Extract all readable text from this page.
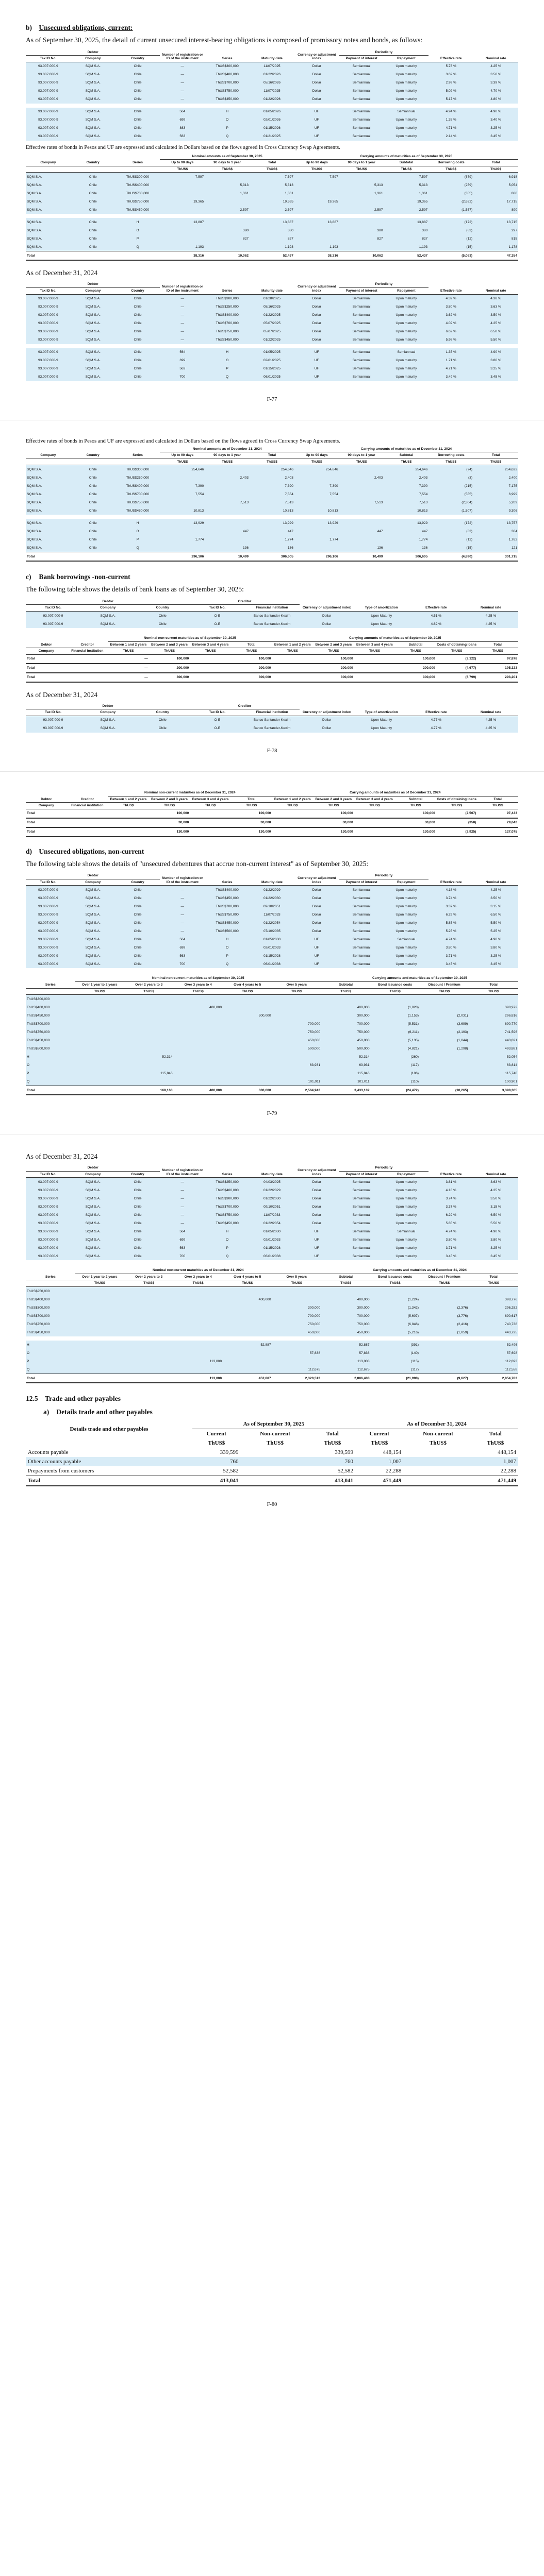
b) Unsecured obligations, current:

As of September 30, 2025, the detail of current unsecured interest-bearing obligations is composed of promissory notes and bonds, as follows:

Debtor			Number of registration or ID of the instrument	Series	Maturity date	Currency or adjustment index	Periodicity		Effective rate	Nominal rate
Tax ID No.	Company	Country					Payment of interest	Repayment		
93.007.000-9	SQM S.A.	Chile	—	ThUS$300,000	11/07/2025	Dollar	Semiannual	Upon maturity	5.78 %	4.25 %
93.007.000-9	SQM S.A.	Chile	—	ThUS$400,000	01/22/2026	Dollar	Semiannual	Upon maturity	3.69 %	3.50 %
93.007.000-9	SQM S.A.	Chile	—	ThUS$700,000	05/16/2026	Dollar	Semiannual	Upon maturity	2.99 %	3.39 %
93.007.000-9	SQM S.A.	Chile	—	ThUS$750,000	11/07/2025	Dollar	Semiannual	Upon maturity	5.02 %	4.70 %
93.007.000-9	SQM S.A.	Chile	—	ThUS$450,000	01/22/2026	Dollar	Semiannual	Upon maturity	5.17 %	4.80 %

93.007.000-9	SQM S.A.	Chile	564	H	01/05/2026	UF	Semiannual	Semiannual	4.94 %	4.90 %
93.007.000-9	SQM S.A.	Chile	699	O	02/01/2026	UF	Semiannual	Upon maturity	1.35 %	3.40 %
93.007.000-9	SQM S.A.	Chile	883	P	01/15/2026	UF	Semiannual	Upon maturity	4.71 %	3.25 %
93.007.000-9	SQM S.A.	Chile	563	Q	01/21/2025	UF	Semiannual	Upon maturity	2.14 %	3.45 %
Effective rates of bonds in Pesos and UF are expressed and calculated in Dollars based on the flows agreed in Cross Currency Swap Agreements.
Company	Country	Series	Nominal amounts as of September 30, 2025			Carrying amounts of maturities as of September 30, 2025				
			Up to 90 days	90 days to 1 year	Total	Up to 90 days	90 days to 1 year	Subtotal	Borrowing costs	Total
			ThUS$	ThUS$	ThUS$	ThUS$	ThUS$	ThUS$	ThUS$	ThUS$
SQM S.A.	Chile	ThUS$300,000	7,597		7,597	7,597		7,597	(679)	6,918
SQM S.A.	Chile	ThUS$400,000		5,313	5,313		5,313	5,313	(259)	5,054
SQM S.A.	Chile	ThUS$700,000		1,361	1,361		1,361	1,361	(355)	880
SQM S.A.	Chile	ThUS$750,000	19,365		19,365	19,365		19,365	(2,632)	17,715
SQM S.A.	Chile	ThUS$450,000		2,597	2,597		2,597	2,597	(1,557)	890

SQM S.A.	Chile	H	13,887		13,887	13,887		13,887	(172)	13,715
SQM S.A.	Chile	O		380	380		380	380	(83)	297
SQM S.A.	Chile	P		827	827		827	827	(12)	815
SQM S.A.	Chile	Q	1,193		1,193	1,193		1,193	(15)	1,178
Total			38,316	10,062	52,437	38,316	10,062	52,437	(5,083)	47,354
As of December 31, 2024
Debtor			Number of registration or ID of the instrument	Series	Maturity date	Currency or adjustment index	Periodicity		Effective rate	Nominal rate
Tax ID No.	Company	Country					Payment of interest	Repayment		
93.007.000-9	SQM S.A.	Chile	—	ThUS$300,000	01/28/2025	Dollar	Semiannual	Upon maturity	4.39 %	4.38 %
93.007.000-9	SQM S.A.	Chile	—	ThUS$250,000	05/16/2025	Dollar	Semiannual	Upon maturity	3.80 %	3.63 %
93.007.000-9	SQM S.A.	Chile	—	ThUS$400,000	01/22/2025	Dollar	Semiannual	Upon maturity	3.62 %	3.50 %
93.007.000-9	SQM S.A.	Chile	—	ThUS$700,000	05/07/2025	Dollar	Semiannual	Upon maturity	4.02 %	4.25 %
93.007.000-9	SQM S.A.	Chile	—	ThUS$750,000	05/07/2025	Dollar	Semiannual	Upon maturity	6.62 %	6.50 %
93.007.000-9	SQM S.A.	Chile	—	ThUS$450,000	01/22/2025	Dollar	Semiannual	Upon maturity	5.98 %	5.50 %

93.007.000-9	SQM S.A.	Chile	564	H	01/05/2025	UF	Semiannual	Semiannual	1.35 %	4.90 %
93.007.000-9	SQM S.A.	Chile	699	O	02/01/2025	UF	Semiannual	Upon maturity	1.71 %	3.80 %
93.007.000-9	SQM S.A.	Chile	563	P	01/15/2025	UF	Semiannual	Upon maturity	4.71 %	3.25 %
93.007.000-9	SQM S.A.	Chile	700	Q	06/01/2025	UF	Semiannual	Upon maturity	3.49 %	3.45 %
F-77
Effective rates of bonds in Pesos and UF are expressed and calculated in Dollars based on the flows agreed in Cross Currency Swap Agreements.
Company	Country	Series	Nominal amounts as of December 31, 2024			Carrying amounts of maturities as of December 31, 2024				
			Up to 90 days	90 days to 1 year	Total	Up to 90 days	90 days to 1 year	Subtotal	Borrowing costs	Total
			ThUS$	ThUS$	ThUS$	ThUS$	ThUS$	ThUS$	ThUS$	ThUS$
SQM S.A.	Chile	ThUS$300,000	254,646		254,646	254,646		254,646	(24)	254,622
SQM S.A.	Chile	ThUS$250,000		2,403	2,403		2,403	2,403	(3)	2,400
SQM S.A.	Chile	ThUS$400,000	7,390		7,390	7,390		7,390	(215)	7,175
SQM S.A.	Chile	ThUS$700,000	7,554		7,554	7,554		7,554	(555)	6,999
SQM S.A.	Chile	ThUS$750,000		7,513	7,513		7,513	7,513	(2,304)	5,209
SQM S.A.	Chile	ThUS$450,000	10,813		10,813	10,813		10,813	(1,507)	9,306

SQM S.A.	Chile	H	13,929		13,929	13,929		13,929	(172)	13,757
SQM S.A.	Chile	O		447	447		447	447	(83)	364
SQM S.A.	Chile	P	1,774		1,774	1,774		1,774	(12)	1,762
SQM S.A.	Chile	Q		136	136		136	136	(15)	121
Total			296,106	10,499	306,605	296,106	10,499	306,605	(4,890)	301,715
c) Bank borrowings -non-current

The following table shows the details of bank loans as of September 30, 2025:

Debtor			Creditor		Currency or adjustment index	Type of amortization	Effective rate	Nominal rate
Tax ID No.	Company	Country	Tax ID No.	Financial institution				
93.007.000-9	SQM S.A.	Chile	O-E	Banco Santander-Kexim	Dollar	Upon Maturity	4.51 %	4.25 %
93.007.000-9	SQM S.A.	Chile	O-E	Banco Santander-Kexim	Dollar	Upon Maturity	4.62 %	4.25 %
Debtor	Creditor	Nominal non-current maturities as of September 30, 2025				Carrying amounts of maturities as of September 30, 2025					
		Between 1 and 2 years	Between 2 and 3 years	Between 3 and 4 years	Total	Between 1 and 2 years	Between 2 and 3 years	Between 3 and 4 years	Subtotal	Costs of obtaining loans	Total
Company	Financial institution	ThUS$	ThUS$	ThUS$	ThUS$	ThUS$	ThUS$	ThUS$	ThUS$	ThUS$	ThUS$
Total		—	100,000		100,000		100,000		100,000	(2,122)	97,878
Total		—	200,000		200,000		200,000		200,000	(4,677)	195,323
Total		—	300,000		300,000		300,000		300,000	(6,799)	293,201
As of December 31, 2024
Debtor			Creditor		Currency or adjustment index	Type of amortization	Effective rate	Nominal rate
Tax ID No.	Company	Country	Tax ID No.	Financial institution				
93.007.000-9	SQM S.A.	Chile	O-E	Banco Santander-Kexim	Dollar	Upon Maturity	4.77 %	4.25 %
93.007.000-9	SQM S.A.	Chile	O-E	Banco Santander-Kexim	Dollar	Upon Maturity	4.77 %	4.25 %
F-78
Debtor	Creditor	Nominal non-current maturities as of December 31, 2024				Carrying amounts of maturities as of December 31, 2024					
		Between 1 and 2 years	Between 2 and 3 years	Between 3 and 4 years	Total	Between 1 and 2 years	Between 2 and 3 years	Between 3 and 4 years	Subtotal	Costs of obtaining loans	Total
Company	Financial institution	ThUS$	ThUS$	ThUS$	ThUS$	ThUS$	ThUS$	ThUS$	ThUS$	ThUS$	ThUS$
Total			100,000		100,000		100,000		100,000	(2,567)	97,433
Total			30,000		30,000		30,000		30,000	(358)	29,642
Total			130,000		130,000		130,000		130,000	(2,925)	127,075
d) Unsecured obligations, non-current

The following table shows the details of "unsecured debentures that accrue non-current interest" as of September 30, 2025:

Debtor			Number of registration or ID of the instrument	Series	Maturity date	Currency or adjustment index	Periodicity		Effective rate	Nominal rate
Tax ID No.	Company	Country					Payment of interest	Repayment		
93.007.000-9	SQM S.A.	Chile	—	ThUS$400,000	01/22/2029	Dollar	Semiannual	Upon maturity	4.18 %	4.25 %
93.007.000-9	SQM S.A.	Chile	—	ThUS$450,000	01/22/2030	Dollar	Semiannual	Upon maturity	3.74 %	3.50 %
93.007.000-9	SQM S.A.	Chile	—	ThUS$700,000	09/10/2051	Dollar	Semiannual	Upon maturity	3.37 %	3.15 %
93.007.000-9	SQM S.A.	Chile	—	ThUS$750,000	11/07/2033	Dollar	Semiannual	Upon maturity	6.29 %	6.50 %
93.007.000-9	SQM S.A.	Chile	—	ThUS$450,000	01/22/2054	Dollar	Semiannual	Upon maturity	5.85 %	5.50 %
93.007.000-9	SQM S.A.	Chile	—	ThUS$500,000	07/10/2035	Dollar	Semiannual	Upon maturity	5.25 %	5.25 %
93.007.000-9	SQM S.A.	Chile	564	H	01/05/2030	UF	Semiannual	Semiannual	4.74 %	4.90 %
93.007.000-9	SQM S.A.	Chile	699	O	02/01/2033	UF	Semiannual	Upon maturity	3.80 %	3.80 %
93.007.000-9	SQM S.A.	Chile	563	P	01/15/2028	UF	Semiannual	Upon maturity	3.71 %	3.25 %
93.007.000-9	SQM S.A.	Chile	700	Q	06/01/2038	UF	Semiannual	Upon maturity	3.45 %	3.45 %
Series	Nominal non-current maturities as of September 30, 2025					Carrying amounts and maturities as of September 30, 2025			
	Over 1 year to 2 years	Over 2 years to 3	Over 3 years to 4	Over 4 years to 5	Over 5 years	Subtotal	Bond issuance costs	Discount / Premium	Total
	ThUS$	ThUS$	ThUS$	ThUS$	ThUS$	ThUS$	ThUS$	ThUS$	ThUS$
ThUS$300,000									
ThUS$400,000			400,000			400,000	(1,028)		398,972
ThUS$450,000				300,000		300,000	(1,153)	(2,031)	296,816
ThUS$700,000					700,000	700,000	(5,531)	(3,699)	690,770
ThUS$750,000					750,000	750,000	(6,211)	(2,193)	741,596
ThUS$450,000					450,000	450,000	(5,135)	(1,044)	443,821
ThUS$500,000					500,000	500,000	(4,821)	(1,298)	493,881
H		52,314				52,314	(260)		52,054
O					63,931	63,931	(117)		63,814
P		115,846				115,846	(106)		115,740
Q					101,011	101,011	(110)		100,901
Total		168,160	400,000	300,000	2,564,942	3,433,102	(24,472)	(10,265)	3,398,365
F-79
As of December 31, 2024
Debtor			Number of registration or ID of the instrument	Series	Maturity date	Currency or adjustment index	Periodicity		Effective rate	Nominal rate
Tax ID No.	Company	Country					Payment of interest	Repayment		
93.007.000-9	SQM S.A.	Chile	—	ThUS$250,000	04/03/2025	Dollar	Semiannual	Upon maturity	3.81 %	3.63 %
93.007.000-9	SQM S.A.	Chile	—	ThUS$400,000	01/22/2029	Dollar	Semiannual	Upon maturity	4.18 %	4.25 %
93.007.000-9	SQM S.A.	Chile	—	ThUS$300,000	01/22/2030	Dollar	Semiannual	Upon maturity	3.74 %	3.50 %
93.007.000-9	SQM S.A.	Chile	—	ThUS$700,000	09/10/2051	Dollar	Semiannual	Upon maturity	3.37 %	3.15 %
93.007.000-9	SQM S.A.	Chile	—	ThUS$750,000	11/07/2033	Dollar	Semiannual	Upon maturity	6.29 %	6.50 %
93.007.000-9	SQM S.A.	Chile	—	ThUS$450,000	01/22/2054	Dollar	Semiannual	Upon maturity	5.85 %	5.50 %
93.007.000-9	SQM S.A.	Chile	564	H	01/05/2030	UF	Semiannual	Semiannual	4.74 %	4.90 %
93.007.000-9	SQM S.A.	Chile	699	O	02/01/2033	UF	Semiannual	Upon maturity	3.80 %	3.80 %
93.007.000-9	SQM S.A.	Chile	563	P	01/15/2028	UF	Semiannual	Upon maturity	3.71 %	3.25 %
93.007.000-9	SQM S.A.	Chile	700	Q	06/01/2038	UF	Semiannual	Upon maturity	3.45 %	3.45 %
Series	Nominal non-current maturities as of December 31, 2024					Carrying amounts and maturities as of December 31, 2024			
	Over 1 year to 2 years	Over 2 years to 3	Over 3 years to 4	Over 4 years to 5	Over 5 years	Subtotal	Bond issuance costs	Discount / Premium	Total
	ThUS$	ThUS$	ThUS$	ThUS$	ThUS$	ThUS$	ThUS$	ThUS$	ThUS$
ThUS$250,000									
ThUS$400,000				400,000		400,000	(1,224)		398,776
ThUS$300,000					300,000	300,000	(1,342)	(2,376)	296,282
ThUS$700,000					700,000	700,000	(5,607)	(3,776)	690,617
ThUS$750,000					750,000	750,000	(6,846)	(2,416)	740,738
ThUS$450,000					450,000	450,000	(5,216)	(1,059)	443,725

H				52,887		52,887	(391)		52,496
O					57,838	57,838	(140)		57,698
P			113,008			113,008	(115)		112,893
Q					112,675	112,675	(117)		112,558
Total			113,008	452,887	2,320,513	2,886,408	(21,998)	(9,627)	2,854,783
12.5 Trade and other payables
a) Details trade and other payables
Details trade and other payables	As of September 30, 2025			As of December 31, 2024		
	Current	Non-current	Total	Current	Non-current	Total
	ThUS$	ThUS$	ThUS$	ThUS$	ThUS$	ThUS$
Accounts payable	339,599		339,599	448,154		448,154
Other accounts payable	760		760	1,007		1,007
Prepayments from customers	52,582		52,582	22,288		22,288
Total	413,041		413,041	471,449		471,449
F-80
